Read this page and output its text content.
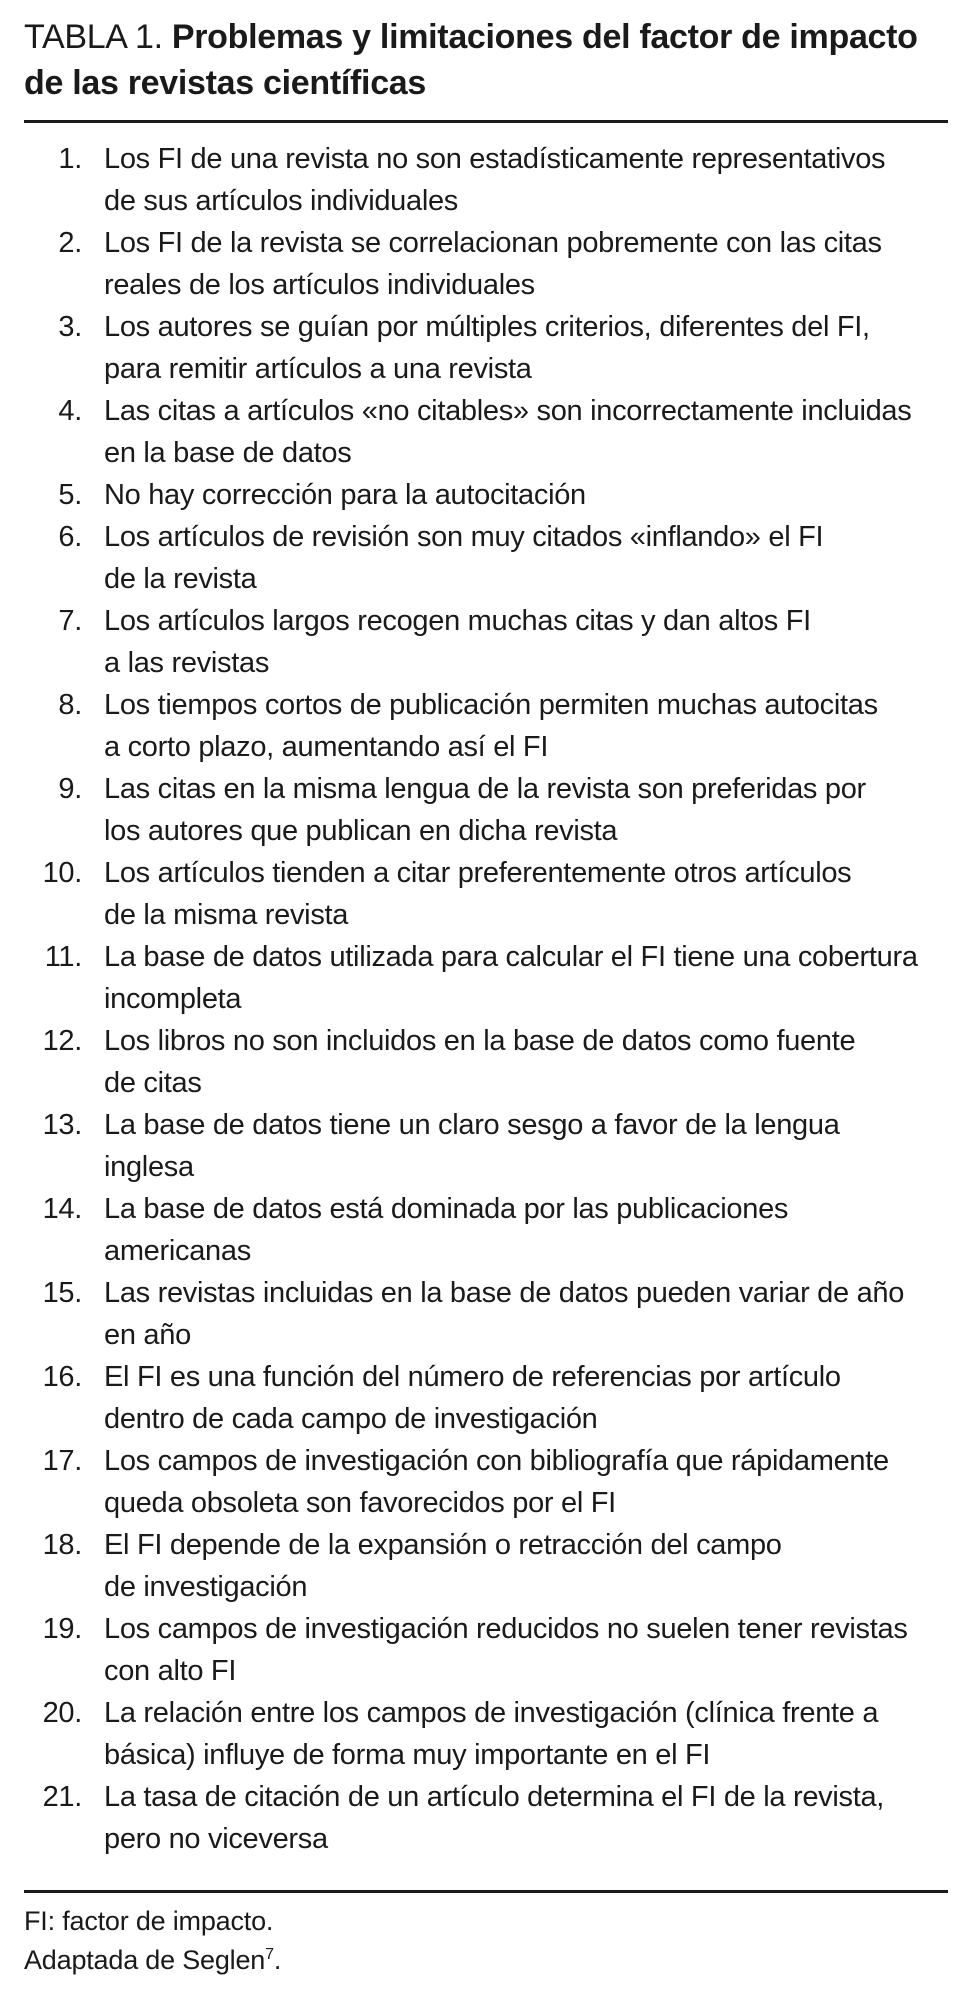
TABLA 1. Problemas y limitaciones del factor de impacto de las revistas científicas
1. Los FI de una revista no son estadísticamente representativos
de sus artículos individuales
2. Los FI de la revista se correlacionan pobremente con las citas
reales de los artículos individuales
3. Los autores se guían por múltiples criterios, diferentes del FI,
para remitir artículos a una revista
4. Las citas a artículos «no citables» son incorrectamente incluidas
en la base de datos
5. No hay corrección para la autocitación
6. Los artículos de revisión son muy citados «inflando» el FI
de la revista
7. Los artículos largos recogen muchas citas y dan altos FI
a las revistas
8. Los tiempos cortos de publicación permiten muchas autocitas
a corto plazo, aumentando así el FI
9. Las citas en la misma lengua de la revista son preferidas por
los autores que publican en dicha revista
10. Los artículos tienden a citar preferentemente otros artículos
de la misma revista
11. La base de datos utilizada para calcular el FI tiene una cobertura
incompleta
12. Los libros no son incluidos en la base de datos como fuente
de citas
13. La base de datos tiene un claro sesgo a favor de la lengua
inglesa
14. La base de datos está dominada por las publicaciones
americanas
15. Las revistas incluidas en la base de datos pueden variar de año
en año
16. El FI es una función del número de referencias por artículo
dentro de cada campo de investigación
17. Los campos de investigación con bibliografía que rápidamente
queda obsoleta son favorecidos por el FI
18. El FI depende de la expansión o retracción del campo
de investigación
19. Los campos de investigación reducidos no suelen tener revistas
con alto FI
20. La relación entre los campos de investigación (clínica frente a
básica) influye de forma muy importante en el FI
21. La tasa de citación de un artículo determina el FI de la revista,
pero no viceversa
FI: factor de impacto.
Adaptada de Seglen$^7$.
